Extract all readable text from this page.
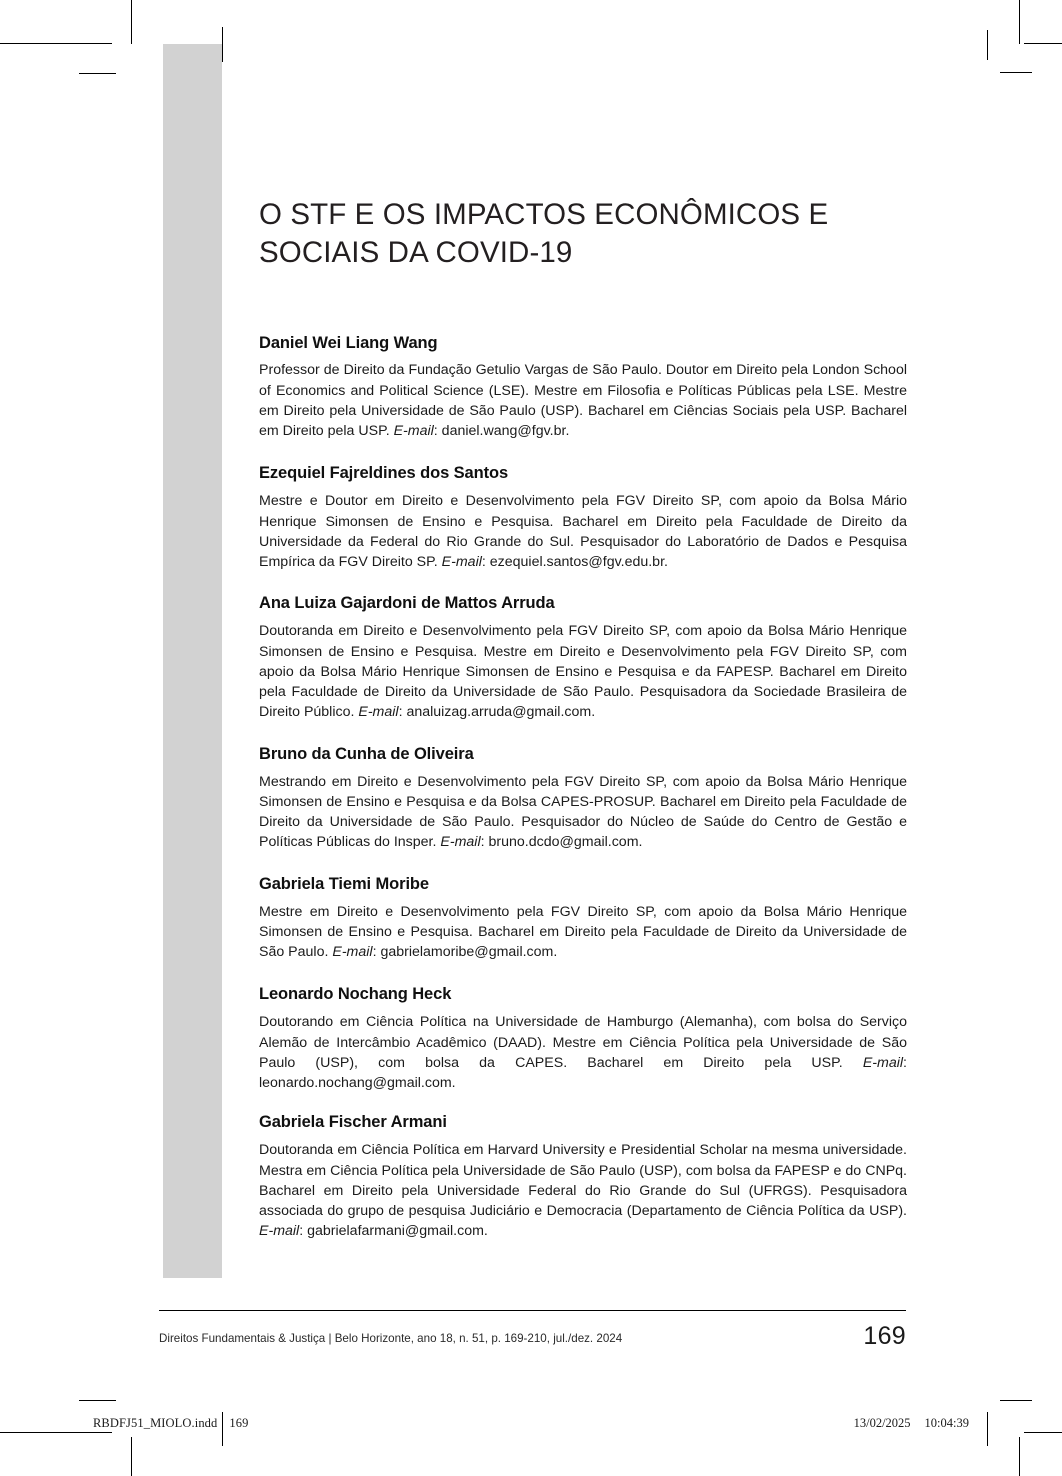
O STF E OS IMPACTOS ECONÔMICOS E
SOCIAIS DA COVID-19
Daniel Wei Liang Wang

Professor de Direito da Fundação Getulio Vargas de São Paulo. Doutor em Direito pela London School of Economics and Political Science (LSE). Mestre em Filosofia e Políticas Públicas pela LSE. Mestre em Direito pela Universidade de São Paulo (USP). Bacharel em Ciências Sociais pela USP. Bacharel em Direito pela USP. E-mail: daniel.wang@fgv.br.

Ezequiel Fajreldines dos Santos

Mestre e Doutor em Direito e Desenvolvimento pela FGV Direito SP, com apoio da Bolsa Mário Henrique Simonsen de Ensino e Pesquisa. Bacharel em Direito pela Faculdade de Direito da Universidade da Federal do Rio Grande do Sul. Pesquisador do Laboratório de Dados e Pesquisa Empírica da FGV Direito SP. E-mail: ezequiel.santos@fgv.edu.br.

Ana Luiza Gajardoni de Mattos Arruda

Doutoranda em Direito e Desenvolvimento pela FGV Direito SP, com apoio da Bolsa Mário Henrique Simonsen de Ensino e Pesquisa. Mestre em Direito e Desenvolvimento pela FGV Direito SP, com apoio da Bolsa Mário Henrique Simonsen de Ensino e Pesquisa e da FAPESP. Bacharel em Direito pela Faculdade de Direito da Universidade de São Paulo. Pesquisadora da Sociedade Brasileira de Direito Público. E-mail: analuizag.arruda@gmail.com.

Bruno da Cunha de Oliveira

Mestrando em Direito e Desenvolvimento pela FGV Direito SP, com apoio da Bolsa Mário Henrique Simonsen de Ensino e Pesquisa e da Bolsa CAPES-PROSUP. Bacharel em Direito pela Faculdade de Direito da Universidade de São Paulo. Pesquisador do Núcleo de Saúde do Centro de Gestão e Políticas Públicas do Insper. E-mail: bruno.dcdo@gmail.com.

Gabriela Tiemi Moribe

Mestre em Direito e Desenvolvimento pela FGV Direito SP, com apoio da Bolsa Mário Henrique Simonsen de Ensino e Pesquisa. Bacharel em Direito pela Faculdade de Direito da Universidade de São Paulo. E-mail: gabrielamoribe@gmail.com.

Leonardo Nochang Heck

Doutorando em Ciência Política na Universidade de Hamburgo (Alemanha), com bolsa do Serviço Alemão de Intercâmbio Acadêmico (DAAD). Mestre em Ciência Política pela Universidade de São Paulo (USP), com bolsa da CAPES. Bacharel em Direito pela USP. E-mail: leonardo.nochang@gmail.com.

Gabriela Fischer Armani

Doutoranda em Ciência Política em Harvard University e Presidential Scholar na mesma universidade. Mestra em Ciência Política pela Universidade de São Paulo (USP), com bolsa da FAPESP e do CNPq. Bacharel em Direito pela Universidade Federal do Rio Grande do Sul (UFRGS). Pesquisadora associada do grupo de pesquisa Judiciário e Democracia (Departamento de Ciência Política da USP). E-mail: gabrielafarmani@gmail.com.

Direitos Fundamentais & Justiça | Belo Horizonte, ano 18, n. 51, p. 169-210, jul./dez. 2024	169
RBDFJ51_MIOLO.indd 169	13/02/2025 10:04:39
